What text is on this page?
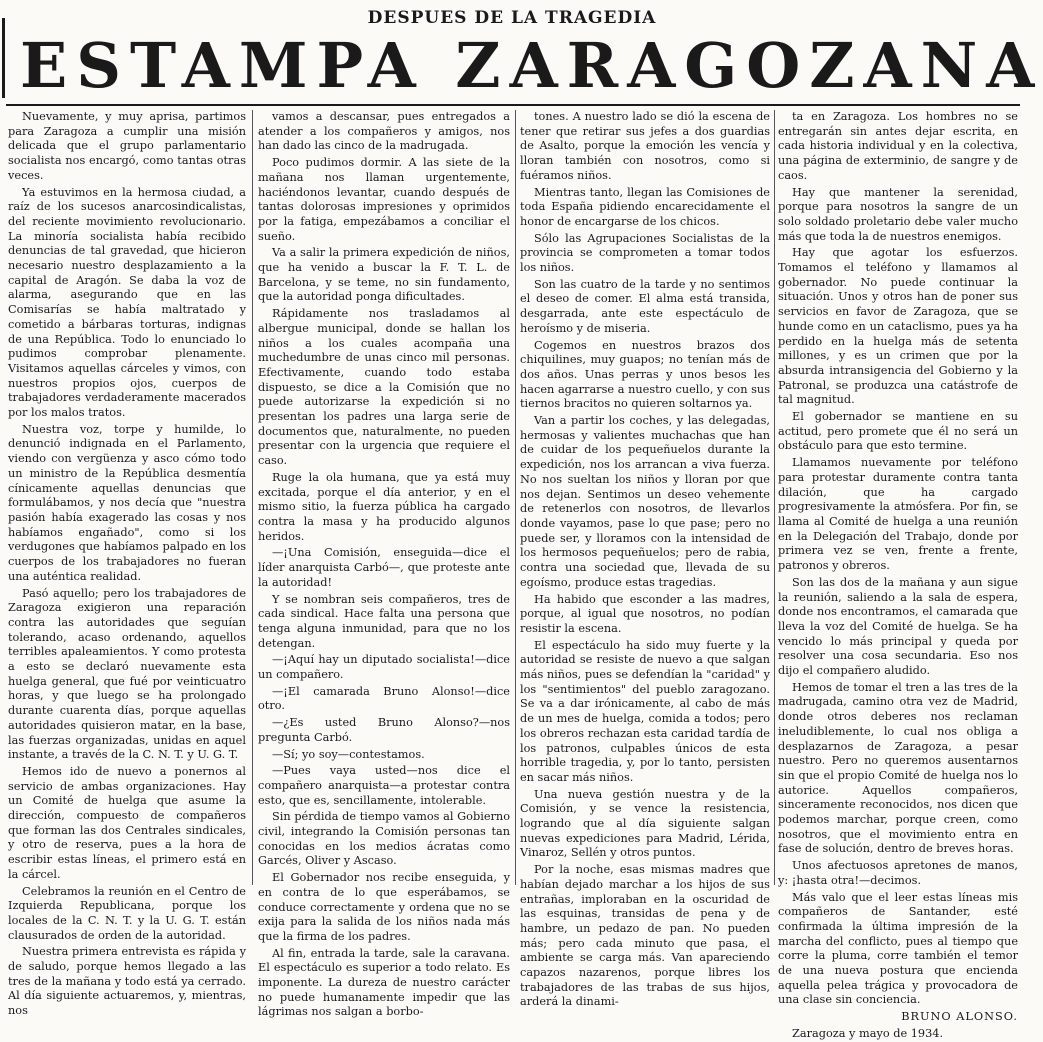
DESPUES DE LA TRAGEDIA
ESTAMPA ZARAGOZANA

Nuevamente, y muy aprisa, partimos para Zaragoza a cumplir una misión delicada que el grupo parlamentario socialista nos encargó, como tantas otras veces.

Ya estuvimos en la hermosa ciudad, a raíz de los sucesos anarcosindicalistas, del reciente movimiento revolucionario. La minoría socialista había recibido denuncias de tal gravedad, que hicieron necesario nuestro desplazamiento a la capital de Aragón. Se daba la voz de alarma, asegurando que en las Comisarías se había maltratado y cometido a bárbaras torturas, indignas de una República. Todo lo enunciado lo pudimos comprobar plenamente. Visitamos aquellas cárceles y vimos, con nuestros propios ojos, cuerpos de trabajadores verdaderamente macerados por los malos tratos.

Nuestra voz, torpe y humilde, lo denunció indignada en el Parlamento, viendo con vergüenza y asco cómo todo un ministro de la República desmentía cínicamente aquellas denuncias que formulábamos, y nos decía que "nuestra pasión había exagerado las cosas y nos habíamos engañado", como si los verdugones que habíamos palpado en los cuerpos de los trabajadores no fueran una auténtica realidad.

Pasó aquello; pero los trabajadores de Zaragoza exigieron una reparación contra las autoridades que seguían tolerando, acaso ordenando, aquellos terribles apaleamientos. Y como protesta a esto se declaró nuevamente esta huelga general, que fué por veinticuatro horas, y que luego se ha prolongado durante cuarenta días, porque aquellas autoridades quisieron matar, en la base, las fuerzas organizadas, unidas en aquel instante, a través de la C. N. T. y U. G. T.

Hemos ido de nuevo a ponernos al servicio de ambas organizaciones. Hay un Comité de huelga que asume la dirección, compuesto de compañeros que forman las dos Centrales sindicales, y otro de reserva, pues a la hora de escribir estas líneas, el primero está en la cárcel.

Celebramos la reunión en el Centro de Izquierda Republicana, porque los locales de la C. N. T. y la U. G. T. están clausurados de orden de la autoridad.

Nuestra primera entrevista es rápida y de saludo, porque hemos llegado a las tres de la mañana y todo está ya cerrado. Al día siguiente actuaremos, y, mientras, nos

vamos a descansar, pues entregados a atender a los compañeros y amigos, nos han dado las cinco de la madrugada.

Poco pudimos dormir. A las siete de la mañana nos llaman urgentemente, haciéndonos levantar, cuando después de tantas dolorosas impresiones y oprimidos por la fatiga, empezábamos a conciliar el sueño.

Va a salir la primera expedición de niños, que ha venido a buscar la F. T. L. de Barcelona, y se teme, no sin fundamento, que la autoridad ponga dificultades.

Rápidamente nos trasladamos al albergue municipal, donde se hallan los niños a los cuales acompaña una muchedumbre de unas cinco mil personas. Efectivamente, cuando todo estaba dispuesto, se dice a la Comisión que no puede autorizarse la expedición si no presentan los padres una larga serie de documentos que, naturalmente, no pueden presentar con la urgencia que requiere el caso.

Ruge la ola humana, que ya está muy excitada, porque el día anterior, y en el mismo sitio, la fuerza pública ha cargado contra la masa y ha producido algunos heridos.

—¡Una Comisión, enseguida—dice el líder anarquista Carbó—, que proteste ante la autoridad!

Y se nombran seis compañeros, tres de cada sindical. Hace falta una persona que tenga alguna inmunidad, para que no los detengan.

—¡Aquí hay un diputado socialista!—dice un compañero.

—¡El camarada Bruno Alonso!—dice otro.

—¿Es usted Bruno Alonso?—nos pregunta Carbó.

—Sí; yo soy—contestamos.

—Pues vaya usted—nos dice el compañero anarquista—a protestar contra esto, que es, sencillamente, intolerable.

Sin pérdida de tiempo vamos al Gobierno civil, integrando la Comisión personas tan conocidas en los medios ácratas como Garcés, Oliver y Ascaso.

El Gobernador nos recibe enseguida, y en contra de lo que esperábamos, se conduce correctamente y ordena que no se exija para la salida de los niños nada más que la firma de los padres.

Al fin, entrada la tarde, sale la caravana. El espectáculo es superior a todo relato. Es imponente. La dureza de nuestro carácter no puede humanamente impedir que las lágrimas nos salgan a borbo-

tones. A nuestro lado se dió la escena de tener que retirar sus jefes a dos guardias de Asalto, porque la emoción les vencía y lloran también con nosotros, como si fuéramos niños.

Mientras tanto, llegan las Comisiones de toda España pidiendo encarecidamente el honor de encargarse de los chicos.

Sólo las Agrupaciones Socialistas de la provincia se comprometen a tomar todos los niños.

Son las cuatro de la tarde y no sentimos el deseo de comer. El alma está transida, desgarrada, ante este espectáculo de heroísmo y de miseria.

Cogemos en nuestros brazos dos chiquilines, muy guapos; no tenían más de dos años. Unas perras y unos besos les hacen agarrarse a nuestro cuello, y con sus tiernos bracitos no quieren soltarnos ya.

Van a partir los coches, y las delegadas, hermosas y valientes muchachas que han de cuidar de los pequeñuelos durante la expedición, nos los arrancan a viva fuerza. No nos sueltan los niños y lloran por que nos dejan. Sentimos un deseo vehemente de retenerlos con nosotros, de llevarlos donde vayamos, pase lo que pase; pero no puede ser, y lloramos con la intensidad de los hermosos pequeñuelos; pero de rabia, contra una sociedad que, llevada de su egoísmo, produce estas tragedias.

Ha habido que esconder a las madres, porque, al igual que nosotros, no podían resistir la escena.

El espectáculo ha sido muy fuerte y la autoridad se resiste de nuevo a que salgan más niños, pues se defendían la "caridad" y los "sentimientos" del pueblo zaragozano. Se va a dar irónicamente, al cabo de más de un mes de huelga, comida a todos; pero los obreros rechazan esta caridad tardía de los patronos, culpables únicos de esta horrible tragedia, y, por lo tanto, persisten en sacar más niños.

Una nueva gestión nuestra y de la Comisión, y se vence la resistencia, logrando que al día siguiente salgan nuevas expediciones para Madrid, Lérida, Vinaroz, Sellén y otros puntos.

Por la noche, esas mismas madres que habían dejado marchar a los hijos de sus entrañas, imploraban en la oscuridad de las esquinas, transidas de pena y de hambre, un pedazo de pan. No pueden más; pero cada minuto que pasa, el ambiente se carga más. Van apareciendo capazos nazarenos, porque libres los trabajadores de las trabas de sus hijos, arderá la dinami-

ta en Zaragoza. Los hombres no se entregarán sin antes dejar escrita, en cada historia individual y en la colectiva, una página de exterminio, de sangre y de caos.

Hay que mantener la serenidad, porque para nosotros la sangre de un solo soldado proletario debe valer mucho más que toda la de nuestros enemigos.

Hay que agotar los esfuerzos. Tomamos el teléfono y llamamos al gobernador. No puede continuar la situación. Unos y otros han de poner sus servicios en favor de Zaragoza, que se hunde como en un cataclismo, pues ya ha perdido en la huelga más de setenta millones, y es un crimen que por la absurda intransigencia del Gobierno y la Patronal, se produzca una catástrofe de tal magnitud.

El gobernador se mantiene en su actitud, pero promete que él no será un obstáculo para que esto termine.

Llamamos nuevamente por teléfono para protestar duramente contra tanta dilación, que ha cargado progresivamente la atmósfera. Por fin, se llama al Comité de huelga a una reunión en la Delegación del Trabajo, donde por primera vez se ven, frente a frente, patronos y obreros.

Son las dos de la mañana y aun sigue la reunión, saliendo a la sala de espera, donde nos encontramos, el camarada que lleva la voz del Comité de huelga. Se ha vencido lo más principal y queda por resolver una cosa secundaria. Eso nos dijo el compañero aludido.

Hemos de tomar el tren a las tres de la madrugada, camino otra vez de Madrid, donde otros deberes nos reclaman ineludiblemente, lo cual nos obliga a desplazarnos de Zaragoza, a pesar nuestro. Pero no queremos ausentarnos sin que el propio Comité de huelga nos lo autorice. Aquellos compañeros, sinceramente reconocidos, nos dicen que podemos marchar, porque creen, como nosotros, que el movimiento entra en fase de solución, dentro de breves horas.

Unos afectuosos apretones de manos, y: ¡hasta otra!—decimos.

Más valo que el leer estas líneas mis compañeros de Santander, esté confirmada la última impresión de la marcha del conflicto, pues al tiempo que corre la pluma, corre también el temor de una nueva postura que encienda aquella pelea trágica y provocadora de una clase sin conciencia.

BRUNO ALONSO.

Zaragoza y mayo de 1934.
